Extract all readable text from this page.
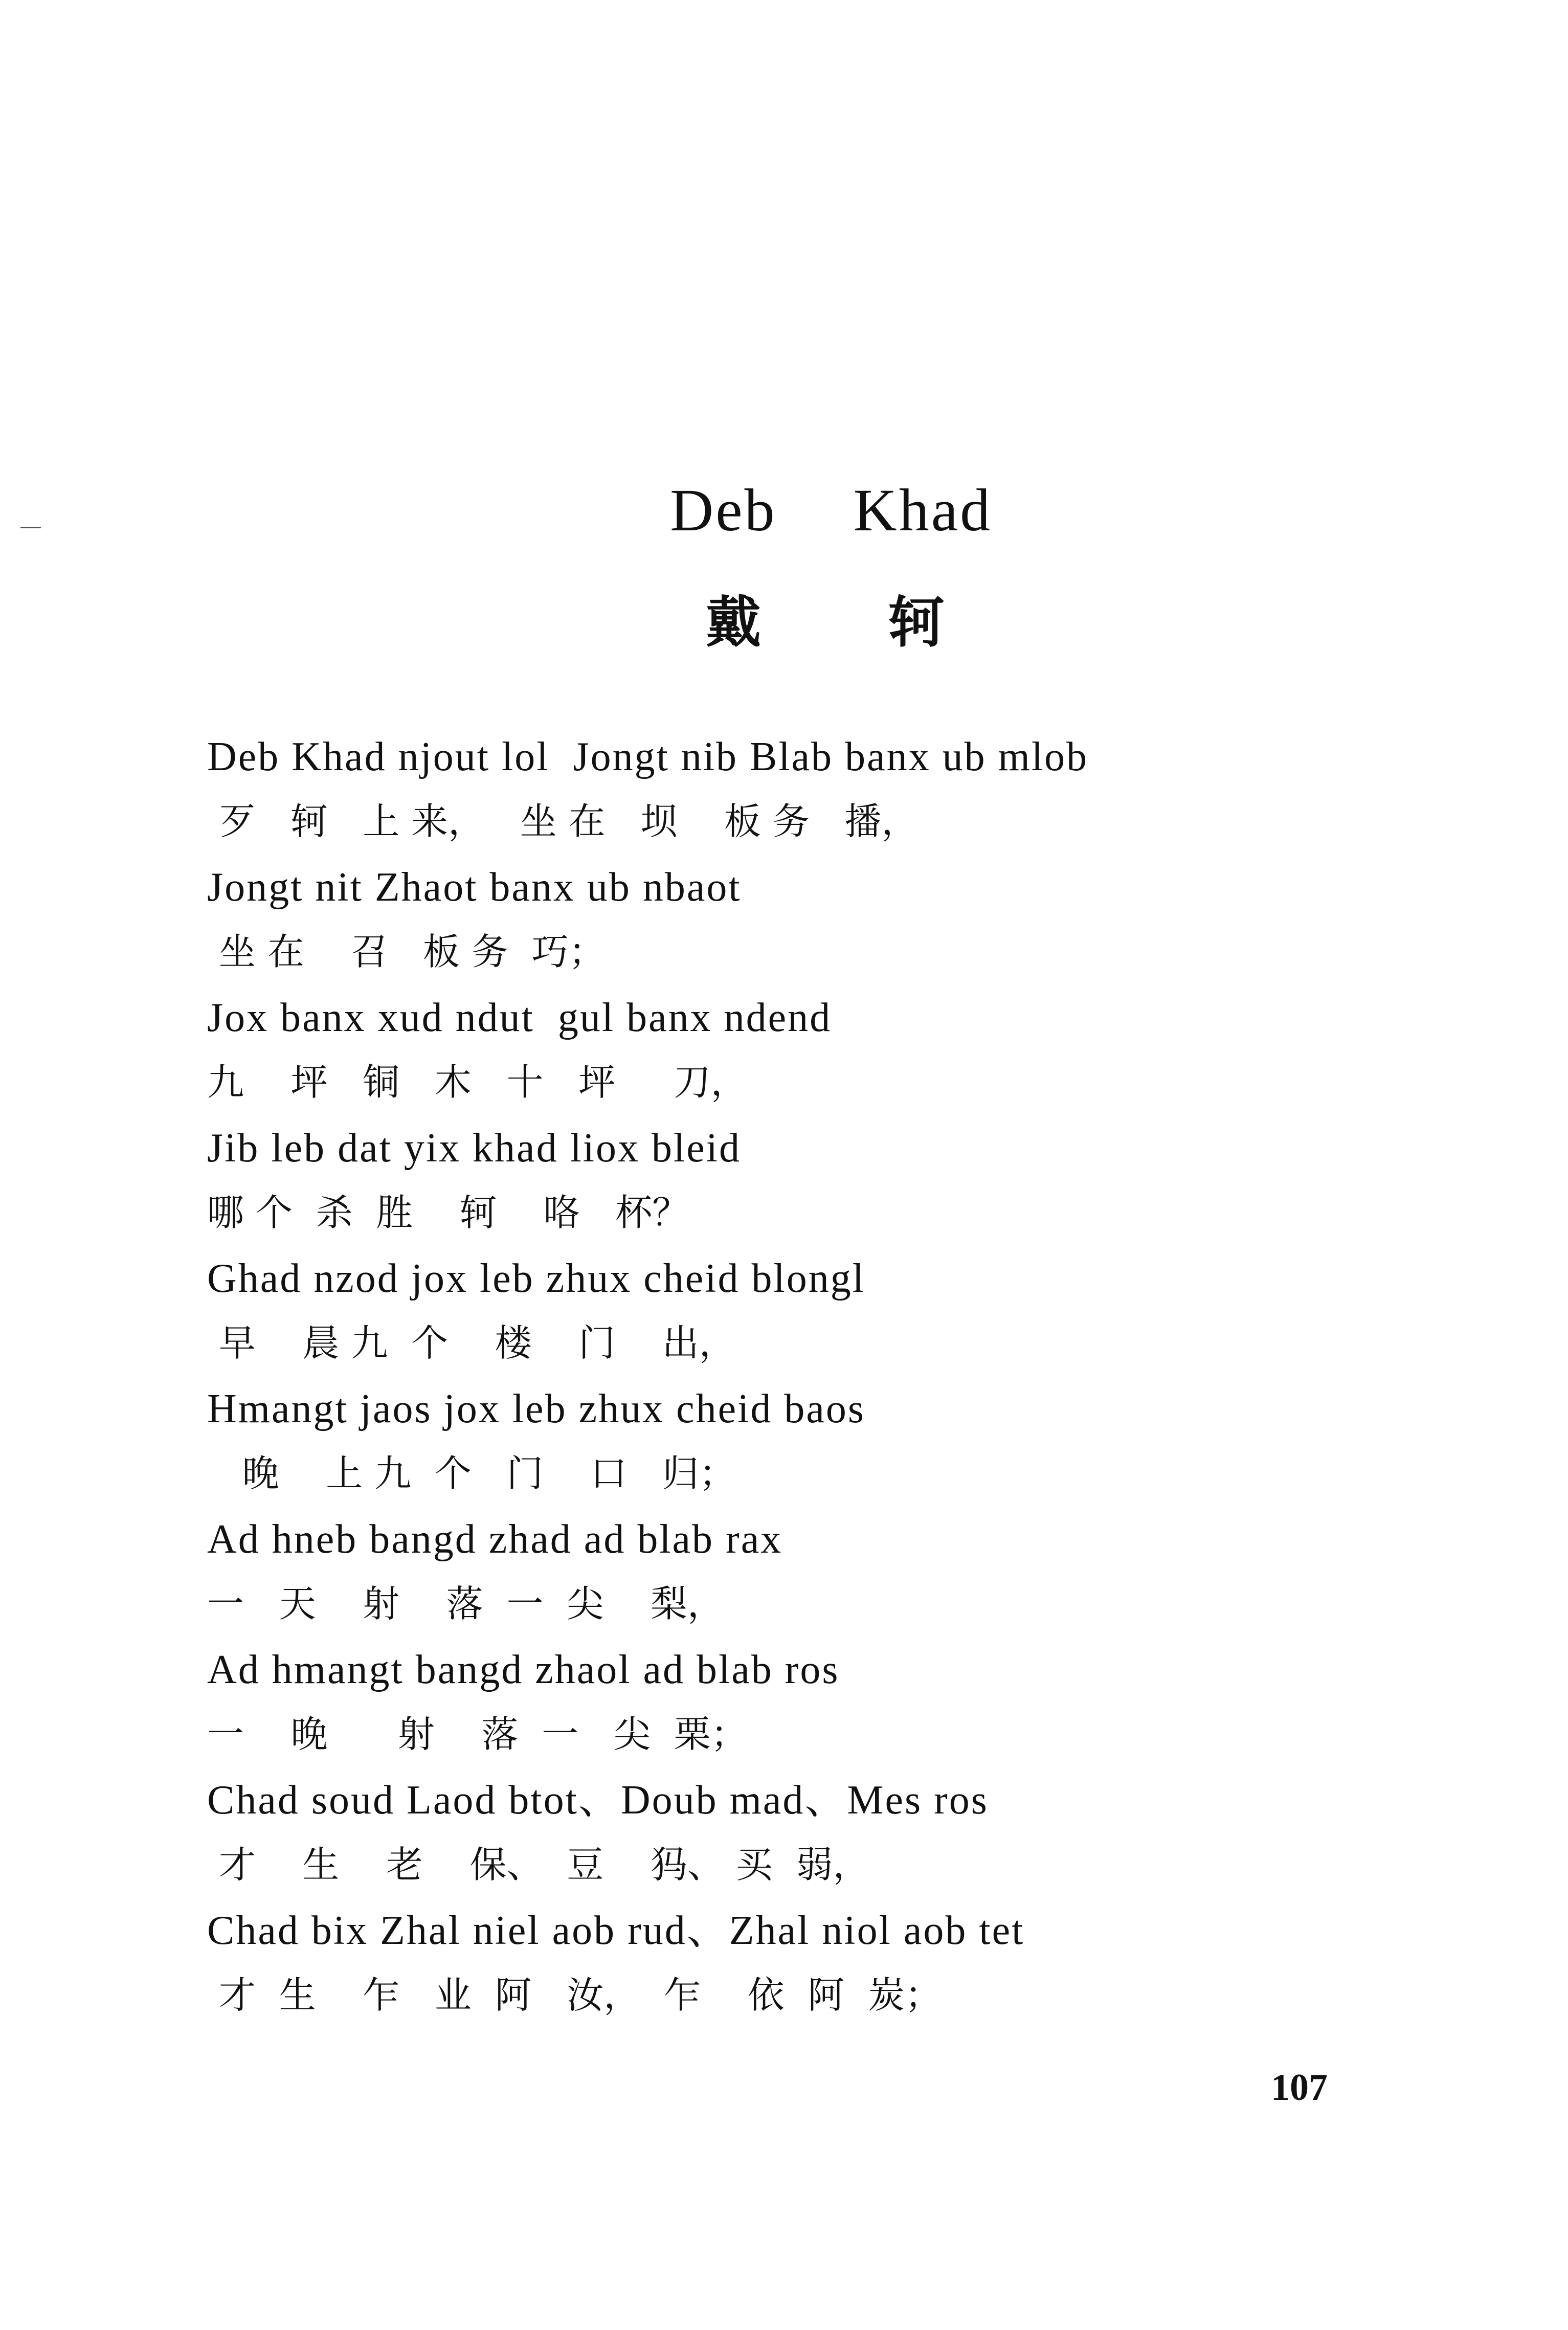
Deb Khad
戴 轲
Deb Khad njout lol  Jongt nib Blab banx ub mlob
歹   轲   上 来，   坐 在   坝    板 务   播，
Jongt nit Zhaot banx ub nbaot
坐 在    召   板 务  巧；
Jox banx xud ndut  gul banx ndend
九    坪   铜   木   十   坪     刀，
Jib leb dat yix khad liox bleid
哪 个  杀  胜    轲    咯   杯？
Ghad nzod jox leb zhux cheid blongl
早    晨 九  个    楼    门    出，
Hmangt jaos jox leb zhux cheid baos
晚    上 九  个   门    口   归；
Ad hneb bangd zhad ad blab rax
一   天    射    落  一  尖    梨，
Ad hmangt bangd zhaol ad blab ros
一    晚      射    落  一   尖  栗；
Chad soud Laod btot、Doub mad、Mes ros
才    生    老    保、  豆    犸、 买  弱，
Chad bix Zhal niel aob rud、Zhal niol aob tet
才  生    乍   业  阿   汝，  乍    依  阿  炭；
107
